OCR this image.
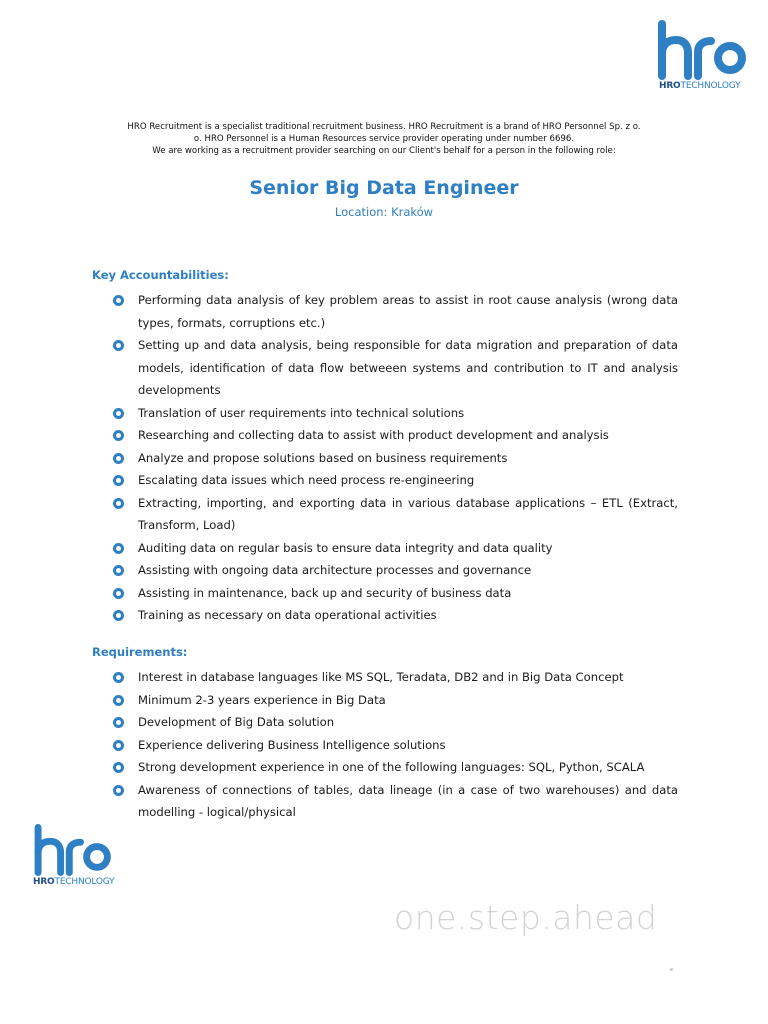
hro
HROTECHNOLOGY

HRO Recruitment is a specialist traditional recruitment business. HRO Recruitment is a brand of HRO Personnel Sp. z o.

o. HRO Personnel is a Human Resources service provider operating under number 6696.

We are working as a recruitment provider searching on our Client's behalf for a person in the following role:

Senior Big Data Engineer
Location: Kraków
Key Accountabilities:
Performing data analysis of key problem areas to assist in root cause analysis (wrong data types, formats, corruptions etc.)
Setting up and data analysis, being responsible for data migration and preparation of data models, identification of data flow betweeen systems and contribution to IT and analysis developments
Translation of user requirements into technical solutions
Researching and collecting data to assist with product development and analysis
Analyze and propose solutions based on business requirements
Escalating data issues which need process re-engineering
Extracting, importing, and exporting data in various database applications – ETL (Extract, Transform, Load)
Auditing data on regular basis to ensure data integrity and data quality
Assisting with ongoing data architecture processes and governance
Assisting in maintenance, back up and security of business data
Training as necessary on data operational activities
Requirements:
Interest in database languages like MS SQL, Teradata, DB2 and in Big Data Concept
Minimum 2-3 years experience in Big Data
Development of Big Data solution
Experience delivering Business Intelligence solutions
Strong development experience in one of the following languages: SQL, Python, SCALA
Awareness of connections of tables, data lineage (in a case of two warehouses) and data modelling - logical/physical
hro
HROTECHNOLOGY
one.step.ahead
